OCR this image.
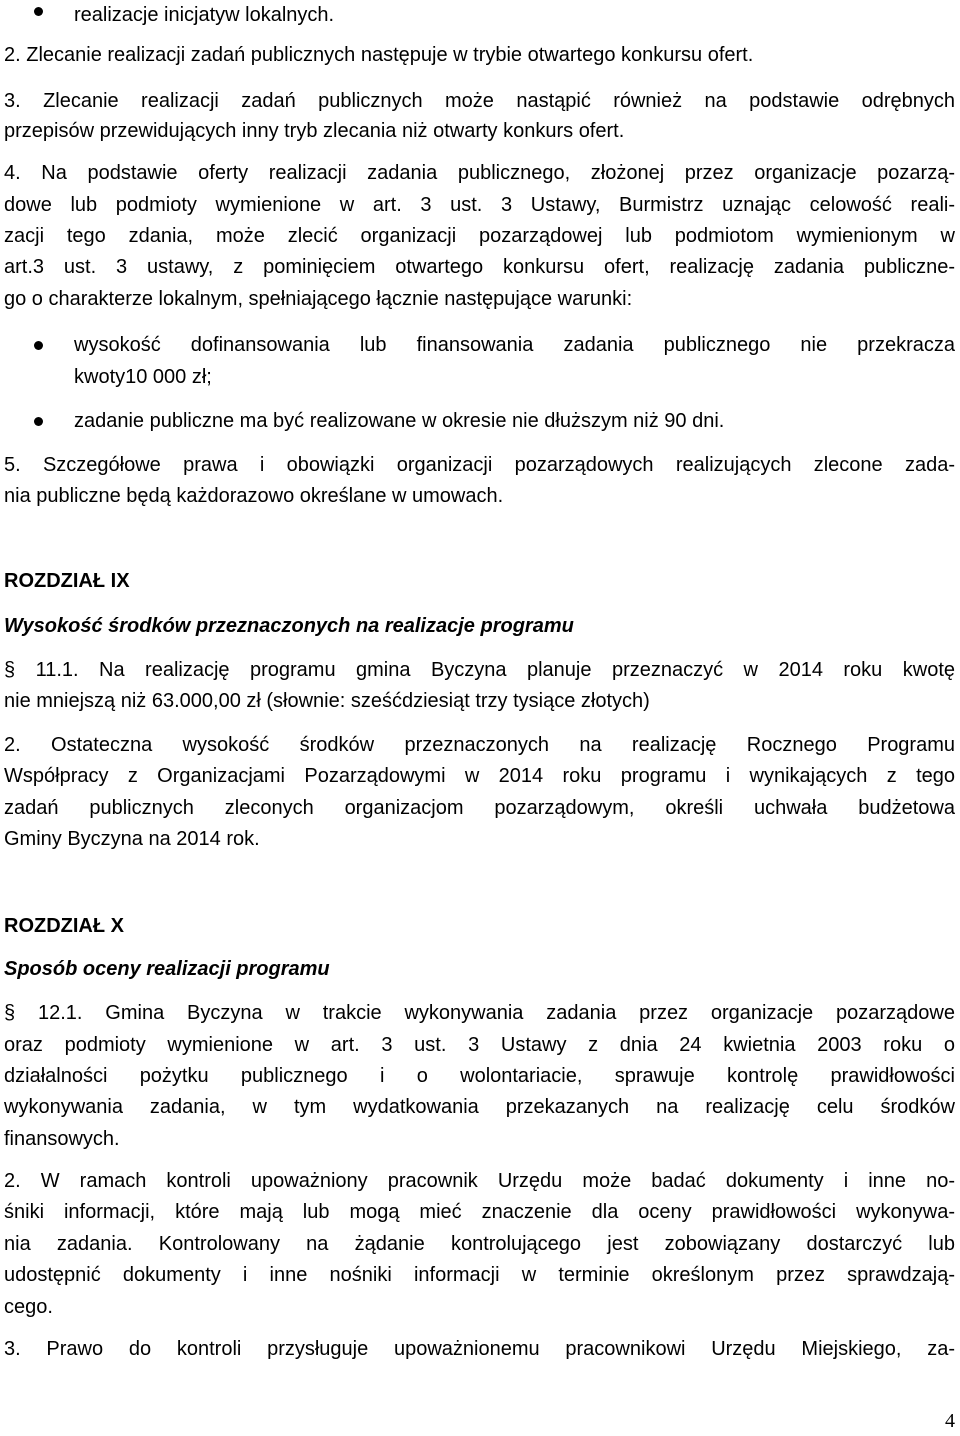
realizacje inicjatyw lokalnych.
2. Zlecanie realizacji zadań publicznych następuje w trybie otwartego konkursu ofert.
3. Zlecanie realizacji zadań publicznych może nastąpić również na podstawie odrębnych
przepisów przewidujących inny tryb zlecania niż otwarty konkurs ofert.
4. Na podstawie oferty realizacji zadania publicznego, złożonej przez organizacje pozarzą-
dowe lub podmioty wymienione w art. 3 ust. 3 Ustawy, Burmistrz uznając celowość reali-
zacji tego zdania, może zlecić organizacji pozarządowej lub podmiotom wymienionym w
art.3 ust. 3 ustawy, z pominięciem otwartego konkursu ofert, realizację zadania publiczne-
go o charakterze lokalnym, spełniającego łącznie następujące warunki:
wysokość dofinansowania lub finansowania zadania publicznego nie przekracza
kwoty10 000 zł;
zadanie publiczne ma być realizowane w okresie nie dłuższym niż 90 dni.
5. Szczegółowe prawa i obowiązki organizacji pozarządowych realizujących zlecone zada-
nia publiczne będą każdorazowo określane w umowach.
ROZDZIAŁ IX
Wysokość środków przeznaczonych na realizacje programu
§ 11.1. Na realizację programu gmina Byczyna planuje przeznaczyć w 2014 roku kwotę
nie mniejszą niż 63.000,00 zł (słownie: sześćdziesiąt trzy tysiące złotych)
2. Ostateczna wysokość środków przeznaczonych na realizację Rocznego Programu
Współpracy z Organizacjami Pozarządowymi w 2014 roku programu i wynikających z tego
zadań publicznych zleconych organizacjom pozarządowym, określi uchwała budżetowa
Gminy Byczyna na 2014 rok.
ROZDZIAŁ X
Sposób oceny realizacji programu
§ 12.1. Gmina Byczyna w trakcie wykonywania zadania przez organizacje pozarządowe
oraz podmioty wymienione w art. 3 ust. 3 Ustawy z dnia 24 kwietnia 2003 roku o
działalności pożytku publicznego i o wolontariacie, sprawuje kontrolę prawidłowości
wykonywania zadania, w tym wydatkowania przekazanych na realizację celu środków
finansowych.
2. W ramach kontroli upoważniony pracownik Urzędu może badać dokumenty i inne no-
śniki informacji, które mają lub mogą mieć znaczenie dla oceny prawidłowości wykonywa-
nia zadania. Kontrolowany na żądanie kontrolującego jest zobowiązany dostarczyć lub
udostępnić dokumenty i inne nośniki informacji w terminie określonym przez sprawdzają-
cego.
3. Prawo do kontroli przysługuje upoważnionemu pracownikowi Urzędu Miejskiego, za-
4
